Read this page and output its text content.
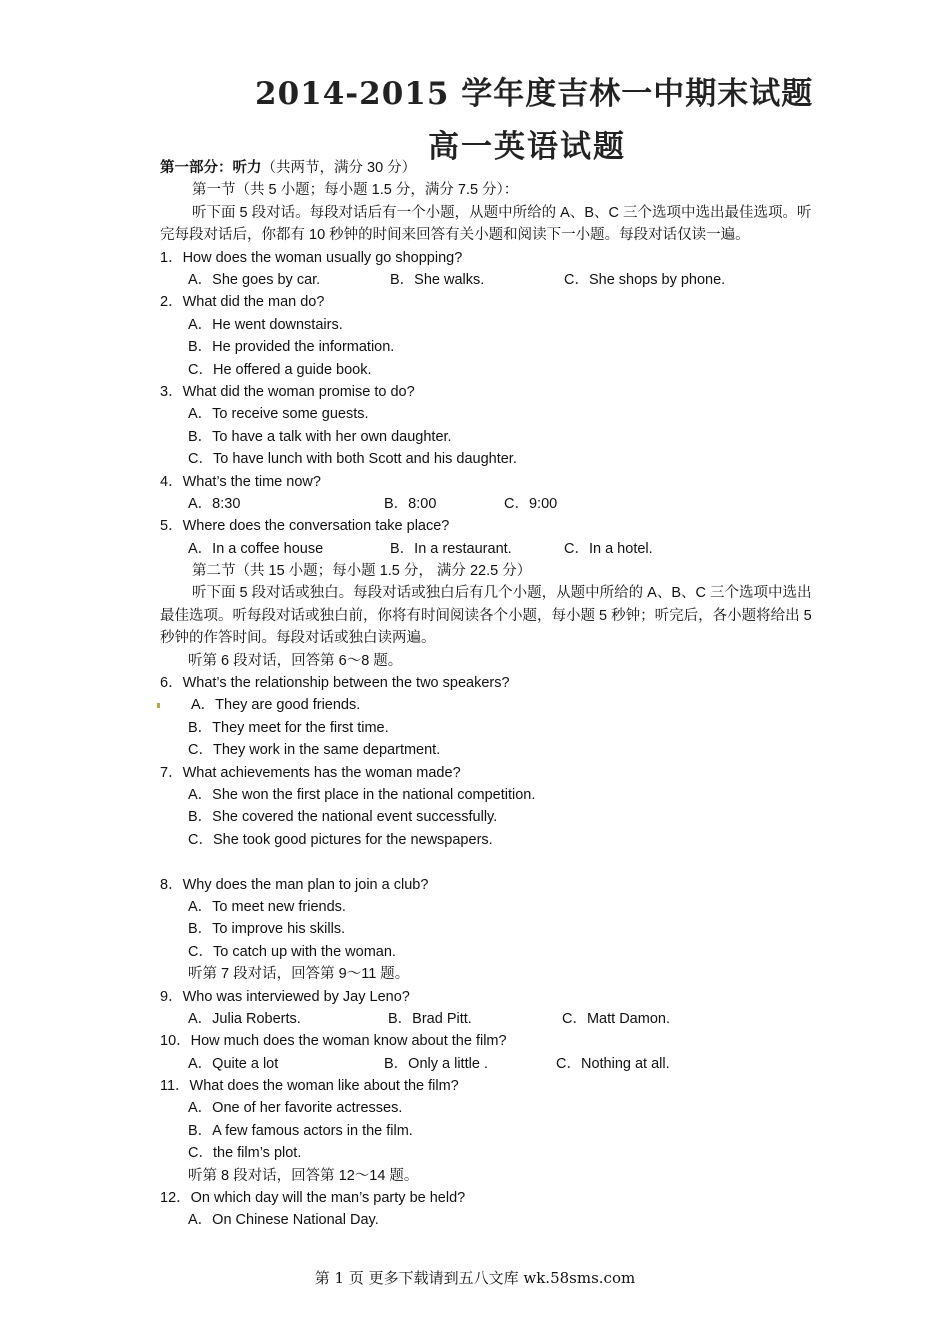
2014-2015 学年度吉林一中期末试题
高一英语试题
第一部分：听力（共两节，满分 30 分）
第一节（共 5 小题；每小题 1.5 分，满分 7.5 分）：
听下面 5 段对话。每段对话后有一个小题，从题中所给的 A、B、C 三个选项中选出最佳选项。听完每段对话后，你都有 10 秒钟的时间来回答有关小题和阅读下一小题。每段对话仅读一遍。
1．How does the woman usually go shopping?
A．She goes by car.	B．She walks.	C．She shops by phone.
2．What did the man do?
A．He went downstairs.
B．He provided the information.
C．He offered a guide book.
3．What did the woman promise to do?
A．To receive some guests.
B．To have a talk with her own daughter.
C．To have lunch with both Scott and his daughter.
4．What’s the time now?
A．8:30	B．8:00	C．9:00
5．Where does the conversation take place?
A．In a coffee house	B．In a restaurant.	C．In a hotel.
第二节（共 15 小题；每小题 1.5 分， 满分 22.5 分）
听下面 5 段对话或独白。每段对话或独白后有几个小题，从题中所给的 A、B、C 三个选项中选出最佳选项。听每段对话或独白前，你将有时间阅读各个小题，每小题 5 秒钟；听完后，各小题将给出 5 秒钟的作答时间。每段对话或独白读两遍。
听第 6 段对话，回答第 6～8 题。
6．What’s the relationship between the two speakers?
A．They are good friends.
B．They meet for the first time.
C．They work in the same department.
7．What achievements has the woman made?
A．She won the first place in the national competition.
B．She covered the national event successfully.
C．She took good pictures for the newspapers.
8．Why does the man plan to join a club?
A．To meet new friends.
B．To improve his skills.
C．To catch up with the woman.
听第 7 段对话，回答第 9～11 题。
9．Who was interviewed by Jay Leno?
A．Julia Roberts.	B．Brad Pitt.	C．Matt Damon.
10．How much does the woman know about the film?
A．Quite a lot	B．Only a little .	C．Nothing at all.
11．What does the woman like about the film?
A．One of her favorite actresses.
B．A few famous actors in the film.
C．the film’s plot.
听第 8 段对话，回答第 12～14 题。
12．On which day will the man’s party be held?
A．On Chinese National Day.
第 1 页 更多下载请到五八文库 wk.58sms.com
